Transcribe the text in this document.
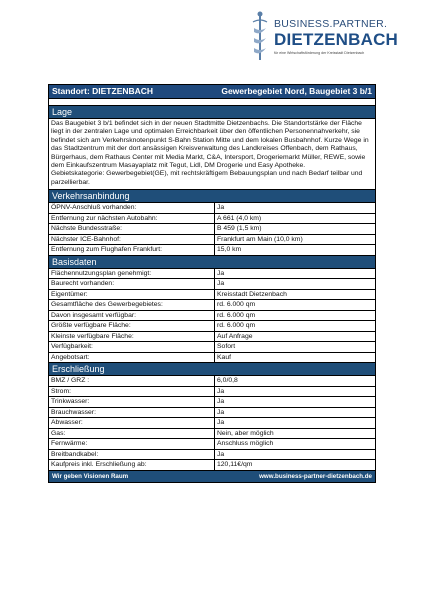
BUSINESS.PARTNER.
DIETZENBACH
für eine Wirtschaftsförderung der Kreisstadt Dietzenbach
Standort: DIETZENBACH	Gewerbegebiet Nord, Baugebiet 3 b/1
Lage
Das Baugebiet 3 b/1 befindet sich in der neuen Stadtmitte Dietzenbachs. Die Standortstärke der Fläche liegt in der zentralen Lage und optimalen Erreichbarkeit über den öffentlichen Personennahverkehr, sie befindet sich am Verkehrsknotenpunkt S-Bahn Station Mitte und dem lokalen Busbahnhof. Kurze Wege in das Stadtzentrum mit der dort ansässigen Kreisverwaltung des Landkreises Offenbach, dem Rathaus, Bürgerhaus, dem Rathaus Center mit Media Markt, C&A, Intersport, Drogeriemarkt Müller, REWE, sowie dem Einkaufszentrum Masayaplatz mit Tegut, Lidl, DM Drogerie und Easy Apotheke.
Gebietskategorie: Gewerbegebiet(GE), mit rechtskräftigem Bebauungsplan und nach Bedarf teilbar und parzellierbar.
Verkehrsanbindung
ÖPNV-Anschluß vorhanden:	Ja
Entfernung zur nächsten Autobahn:	A 661 (4,0 km)
Nächste Bundesstraße:	B 459 (1,5 km)
Nächster ICE-Bahnhof:	Frankfurt am Main (10,0 km)
Entfernung zum Flughafen Frankfurt:	15,0 km
Basisdaten
Flächennutzungsplan genehmigt:	Ja
Baurecht vorhanden:	Ja
Eigentümer:	Kreisstadt Dietzenbach
Gesamtfläche des Gewerbegebietes:	rd. 6.000 qm
Davon insgesamt verfügbar:	rd. 6.000 qm
Größte verfügbare Fläche:	rd. 6.000 qm
Kleinste verfügbare Fläche:	Auf Anfrage
Verfügbarkeit:	Sofort
Angebotsart:	Kauf
Erschließung
BMZ / GRZ :	6,0/0,8
Strom:	Ja
Trinkwasser:	Ja
Brauchwasser:	Ja
Abwasser:	Ja
Gas:	Nein, aber möglich
Fernwärme:	Anschluss möglich
Breitbandkabel:	Ja
Kaufpreis inkl. Erschließung ab:	120,11€/qm
Wir geben Visionen Raum	www.business-partner-dietzenbach.de
